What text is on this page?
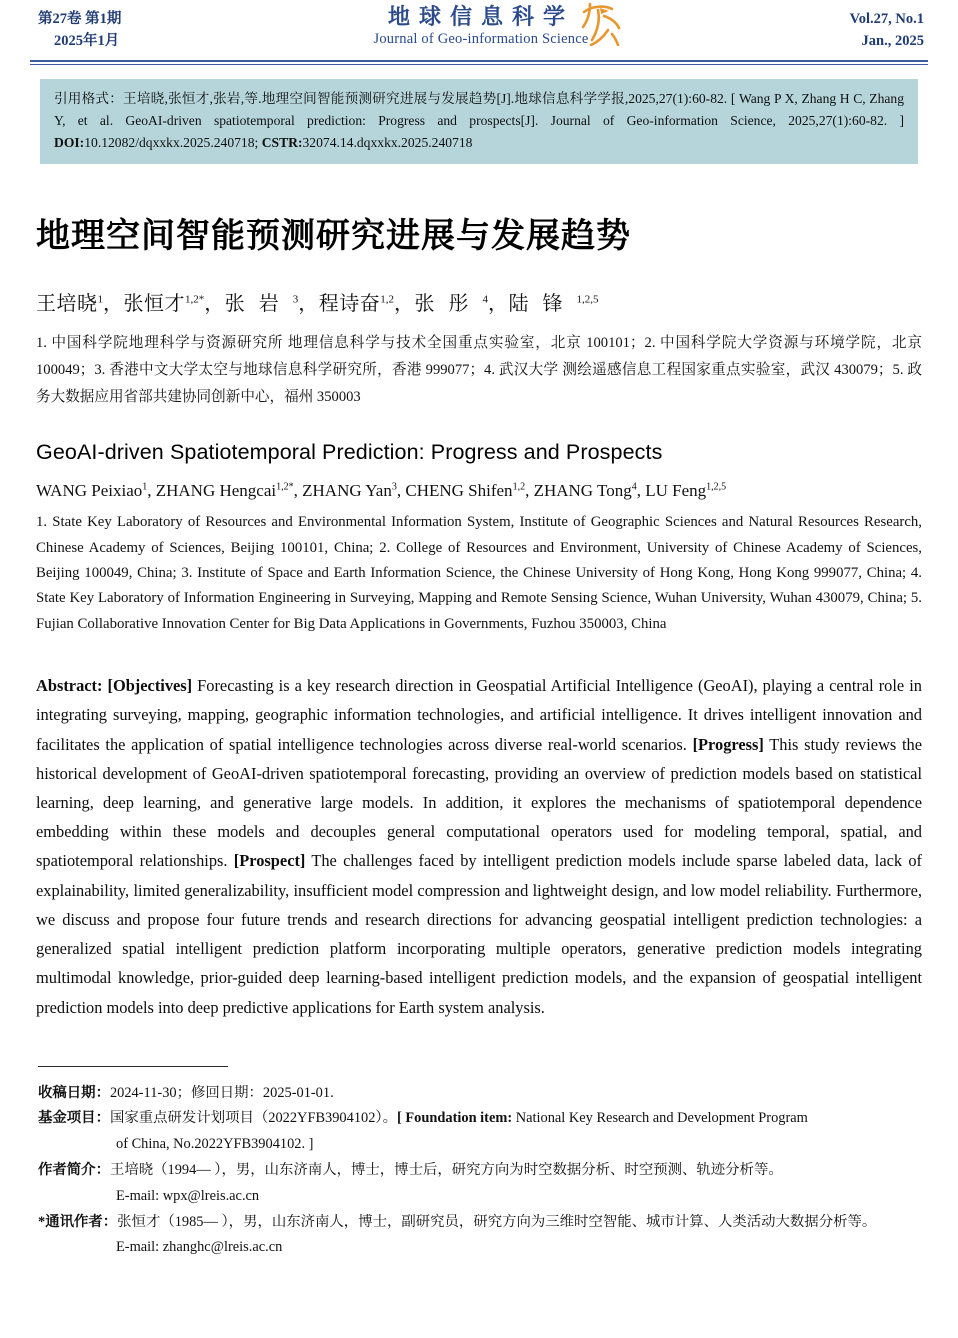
第27卷 第1期
2025年1月
地球信息科学
Journal of Geo-information Science
Vol.27, No.1
Jan., 2025
引用格式：王培晓,张恒才,张岩,等.地理空间智能预测研究进展与发展趋势[J].地球信息科学学报,2025,27(1):60-82. [ Wang P X, Zhang H C, Zhang Y, et al. GeoAI-driven spatiotemporal prediction: Progress and prospects[J]. Journal of Geo-information Science, 2025,27(1):60-82. ] DOI:10.12082/dqxxkx.2025.240718; CSTR:32074.14.dqxxkx.2025.240718
地理空间智能预测研究进展与发展趋势
王培晓$^1$，张恒才$^{1,2*}$，张岩$^3$，程诗奋$^{1,2}$，张彤$^4$，陆锋$^{1,2,5}$
1. 中国科学院地理科学与资源研究所 地理信息科学与技术全国重点实验室，北京 100101；2. 中国科学院大学资源与环境学院，北京 100049；3. 香港中文大学太空与地球信息科学研究所，香港 999077；4. 武汉大学 测绘遥感信息工程国家重点实验室，武汉 430079；5. 政务大数据应用省部共建协同创新中心，福州 350003
GeoAI-driven Spatiotemporal Prediction: Progress and Prospects
WANG Peixiao$^1$, ZHANG Hengcai$^{1,2*}$, ZHANG Yan$^3$, CHENG Shifen$^{1,2}$, ZHANG Tong$^4$, LU Feng$^{1,2,5}$
1. State Key Laboratory of Resources and Environmental Information System, Institute of Geographic Sciences and Natural Resources Research, Chinese Academy of Sciences, Beijing 100101, China; 2. College of Resources and Environment, University of Chinese Academy of Sciences, Beijing 100049, China; 3. Institute of Space and Earth Information Science, the Chinese University of Hong Kong, Hong Kong 999077, China; 4. State Key Laboratory of Information Engineering in Surveying, Mapping and Remote Sensing Science, Wuhan University, Wuhan 430079, China; 5. Fujian Collaborative Innovation Center for Big Data Applications in Governments, Fuzhou 350003, China
Abstract: [Objectives] Forecasting is a key research direction in Geospatial Artificial Intelligence (GeoAI), playing a central role in integrating surveying, mapping, geographic information technologies, and artificial intelligence. It drives intelligent innovation and facilitates the application of spatial intelligence technologies across diverse real-world scenarios. [Progress] This study reviews the historical development of GeoAI-driven spatiotemporal forecasting, providing an overview of prediction models based on statistical learning, deep learning, and generative large models. In addition, it explores the mechanisms of spatiotemporal dependence embedding within these models and decouples general computational operators used for modeling temporal, spatial, and spatiotemporal relationships. [Prospect] The challenges faced by intelligent prediction models include sparse labeled data, lack of explainability, limited generalizability, insufficient model compression and lightweight design, and low model reliability. Furthermore, we discuss and propose four future trends and research directions for advancing geospatial intelligent prediction technologies: a generalized spatial intelligent prediction platform incorporating multiple operators, generative prediction models integrating multimodal knowledge, prior-guided deep learning-based intelligent prediction models, and the expansion of geospatial intelligent prediction models into deep predictive applications for Earth system analysis.
收稿日期：2024-11-30；修回日期：2025-01-01.
基金项目：国家重点研发计划项目（2022YFB3904102）。[ Foundation item: National Key Research and Development Program
of China, No.2022YFB3904102. ]
作者简介：王培晓（1994— ），男，山东济南人，博士，博士后，研究方向为时空数据分析、时空预测、轨迹分析等。
E-mail: wpx@lreis.ac.cn
*通讯作者：张恒才（1985— ），男，山东济南人，博士，副研究员，研究方向为三维时空智能、城市计算、人类活动大数据分析等。
E-mail: zhanghc@lreis.ac.cn
